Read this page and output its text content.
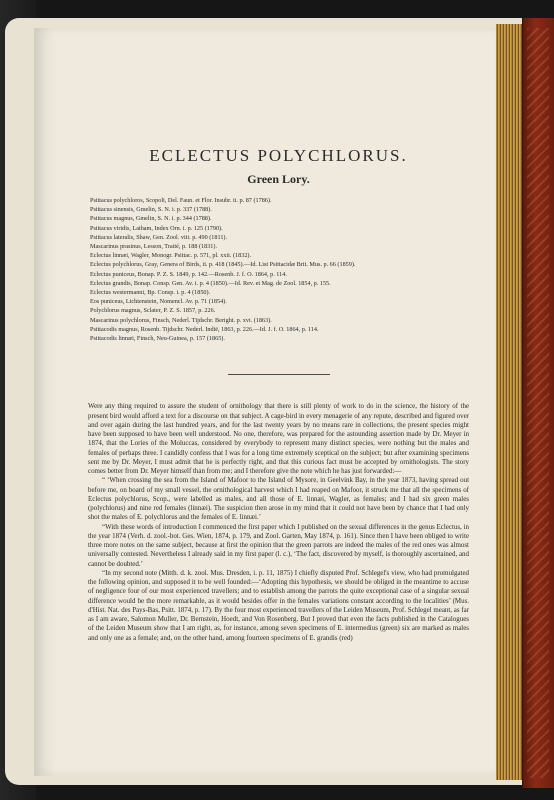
ECLECTUS POLYCHLORUS.
Green Lory.
Psittacus polychloros, Scopoli, Del. Faun. et Flor. Insubr. ii. p. 87 (1786).
Psittacus sinensis, Gmelin, S. N. i. p. 337 (1788).
Psittacus magnus, Gmelin, S. N. i. p. 344 (1788).
Psittacus viridis, Latham, Index Orn. i. p. 125 (1790).
Psittacus lateralis, Shaw, Gen. Zool. viii. p. 490 (1811).
Mascarinus prasinus, Lesson, Traité, p. 188 (1831).
Eclectus linnæi, Wagler, Monogr. Psittac. p. 571, pl. xxii. (1832).
Eclectus polychlorus, Gray, Genera of Birds, ii. p. 418 (1845).—Id. List Psittacidæ Brit. Mus. p. 66 (1859).
Eclectus puniceus, Bonap. P. Z. S. 1849, p. 142.—Rosenb. J. f. O. 1864, p. 114.
Eclectus grandis, Bonap. Consp. Gen. Av. i. p. 4 (1850).—Id. Rev. et Mag. de Zool. 1854, p. 155.
Eclectus westermanni, Bp. Consp. i. p. 4 (1850).
Eos puniceus, Lichtenstein, Nomencl. Av. p. 71 (1854).
Polychlorus magnus, Sclater, P. Z. S. 1857, p. 226.
Mascarinus polychlorus, Finsch, Nederl. Tijdschr. Beright. p. xvi. (1863).
Psittacodis magnus, Rosenb. Tijdschr. Nederl. Indië, 1863, p. 226.—Id. J. f. O. 1864, p. 114.
Psittacodis linnæi, Finsch, Neu-Guinea, p. 157 (1865).

Were any thing required to assure the student of ornithology that there is still plenty of work to do in the science, the history of the present bird would afford a text for a discourse on that subject. A cage-bird in every menagerie of any repute, described and figured over and over again during the last hundred years, and for the last twenty years by no means rare in collections, the present species might have been supposed to have been well understood. No one, therefore, was prepared for the astounding assertion made by Dr. Meyer in 1874, that the Lories of the Moluccas, considered by everybody to represent many distinct species, were nothing but the males and females of perhaps three. I candidly confess that I was for a long time extremely sceptical on the subject; but after examining specimens sent me by Dr. Meyer, I must admit that he is perfectly right, and that this curious fact must be accepted by ornithologists. The story comes better from Dr. Meyer himself than from me; and I therefore give the note which he has just forwarded:—

“ ‘When crossing the sea from the Island of Mafoor to the Island of Mysore, in Geelvink Bay, in the year 1873, having spread out before me, on board of my small vessel, the ornithological harvest which I had reaped on Mafoor, it struck me that all the specimens of Eclectus polychlorus, Scop., were labelled as males, and all those of E. linnæi, Wagler, as females; and I had six green males (polychlorus) and nine red females (linnæi). The suspicion then arose in my mind that it could not have been by chance that I had only shot the males of E. polychlorus and the females of E. linnæi.’

“With these words of introduction I commenced the first paper which I published on the sexual differences in the genus Eclectus, in the year 1874 (Verh. d. zool.-bot. Ges. Wien, 1874, p. 179, and Zool. Garten, May 1874, p. 161). Since then I have been obliged to write three more notes on the same subject, because at first the opinion that the green parrots are indeed the males of the red ones was almost universally contested. Nevertheless I already said in my first paper (l. c.), ‘The fact, discovered by myself, is thoroughly ascertained, and cannot be doubted.’

“In my second note (Mitth. d. k. zool. Mus. Dresden, i. p. 11, 1875) I chiefly disputed Prof. Schlegel's view, who had promulgated the following opinion, and supposed it to be well founded:—‘Adopting this hypothesis, we should be obliged in the meantime to accuse of negligence four of our most experienced travellers; and to establish among the parrots the quite exceptional case of a singular sexual difference would be the more remarkable, as it would besides offer in the females variations constant according to the localities’ (Mus. d'Hist. Nat. des Pays-Bas, Psitt. 1874, p. 17). By the four most experienced travellers of the Leiden Museum, Prof. Schlegel meant, as far as I am aware, Salomon Muller, Dr. Bernstein, Hoedt, and Von Rosenberg. But I proved that even the facts published in the Catalogues of the Leiden Museum show that I am right, as, for instance, among seven specimens of E. intermedius (green) six are marked as males and only one as a female; and, on the other hand, among fourteen specimens of E. grandis (red)
